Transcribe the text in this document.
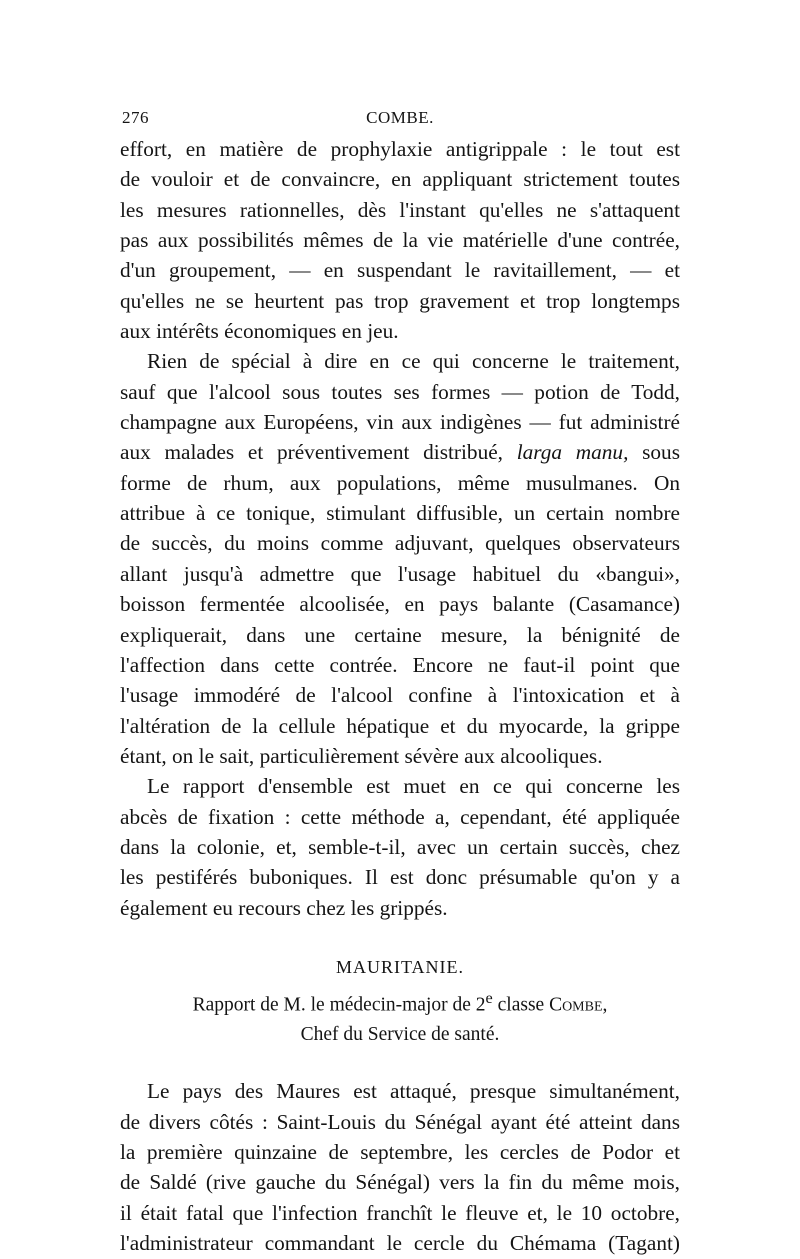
276	COMBE.
effort, en matière de prophylaxie antigrippale : le tout est
de vouloir et de convaincre, en appliquant strictement toutes
les mesures rationnelles, dès l'instant qu'elles ne s'attaquent
pas aux possibilités mêmes de la vie matérielle d'une contrée,
d'un groupement, — en suspendant le ravitaillement, — et
qu'elles ne se heurtent pas trop gravement et trop longtemps
aux intérêts économiques en jeu.
Rien de spécial à dire en ce qui concerne le traitement,
sauf que l'alcool sous toutes ses formes — potion de Todd,
champagne aux Européens, vin aux indigènes — fut administré
aux malades et préventivement distribué, larga manu, sous
forme de rhum, aux populations, même musulmanes. On
attribue à ce tonique, stimulant diffusible, un certain nombre
de succès, du moins comme adjuvant, quelques observateurs
allant jusqu'à admettre que l'usage habituel du «bangui»,
boisson fermentée alcoolisée, en pays balante (Casamance)
expliquerait, dans une certaine mesure, la bénignité de
l'affection dans cette contrée. Encore ne faut-il point que
l'usage immodéré de l'alcool confine à l'intoxication et à
l'altération de la cellule hépatique et du myocarde, la grippe
étant, on le sait, particulièrement sévère aux alcooliques.
Le rapport d'ensemble est muet en ce qui concerne les
abcès de fixation : cette méthode a, cependant, été appliquée
dans la colonie, et, semble-t-il, avec un certain succès, chez
les pestiférés buboniques. Il est donc présumable qu'on y a
également eu recours chez les grippés.
MAURITANIE.
Rapport de M. le médecin-major de 2e classe Combe,
Chef du Service de santé.
Le pays des Maures est attaqué, presque simultanément,
de divers côtés : Saint-Louis du Sénégal ayant été atteint dans
la première quinzaine de septembre, les cercles de Podor et
de Saldé (rive gauche du Sénégal) vers la fin du même mois,
il était fatal que l'infection franchît le fleuve et, le 10 octobre,
l'administrateur commandant le cercle du Chémama (Tagant)
